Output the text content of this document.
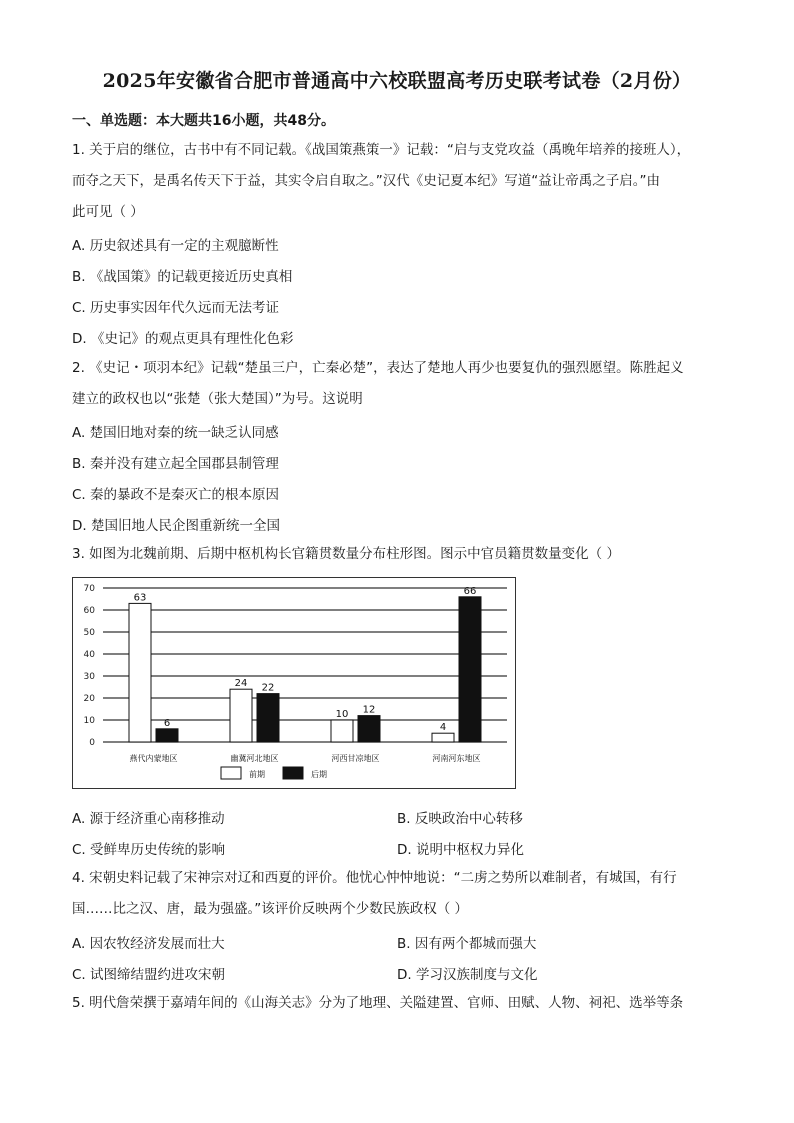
2025年安徽省合肥市普通高中六校联盟高考历史联考试卷（2月份）
一、单选题：本大题共16小题，共48分。
1. 关于启的继位，古书中有不同记载。《战国策燕策一》记载：“启与支党攻益（禹晚年培养的接班人），
而夺之天下，是禹名传天下于益，其实令启自取之。”汉代《史记夏本纪》写道“益让帝禹之子启。”由
此可见（ ）
A. 历史叙述具有一定的主观臆断性
B. 《战国策》的记载更接近历史真相
C. 历史事实因年代久远而无法考证
D. 《史记》的观点更具有理性化色彩
2. 《史记・项羽本纪》记载“楚虽三户，亡秦必楚”，表达了楚地人再少也要复仇的强烈愿望。陈胜起义
建立的政权也以“张楚（张大楚国）”为号。这说明
A. 楚国旧地对秦的统一缺乏认同感
B. 秦并没有建立起全国郡县制管理
C. 秦的暴政不是秦灭亡的根本原因
D. 楚国旧地人民企图重新统一全国
3. 如图为北魏前期、后期中枢机构长官籍贯数量分布柱形图。图示中官员籍贯数量变化（ ）
0
10
20
30
40
50
60
70
63
6
燕代内蒙地区
24 22
幽冀河北地区
10 12
河西甘凉地区
4
66
河南河东地区
前期	后期
A. 源于经济重心南移推动	B. 反映政治中心转移
C. 受鲜卑历史传统的影响	D. 说明中枢权力异化
4. 宋朝史料记载了宋神宗对辽和西夏的评价。他忧心忡忡地说：“二虏之势所以难制者，有城国，有行
国……比之汉、唐，最为强盛。”该评价反映两个少数民族政权（ ）
A. 因农牧经济发展而壮大	B. 因有两个都城而强大
C. 试图缔结盟约进攻宋朝	D. 学习汉族制度与文化
5. 明代詹荣撰于嘉靖年间的《山海关志》分为了地理、关隘建置、官师、田赋、人物、祠祀、选举等条
